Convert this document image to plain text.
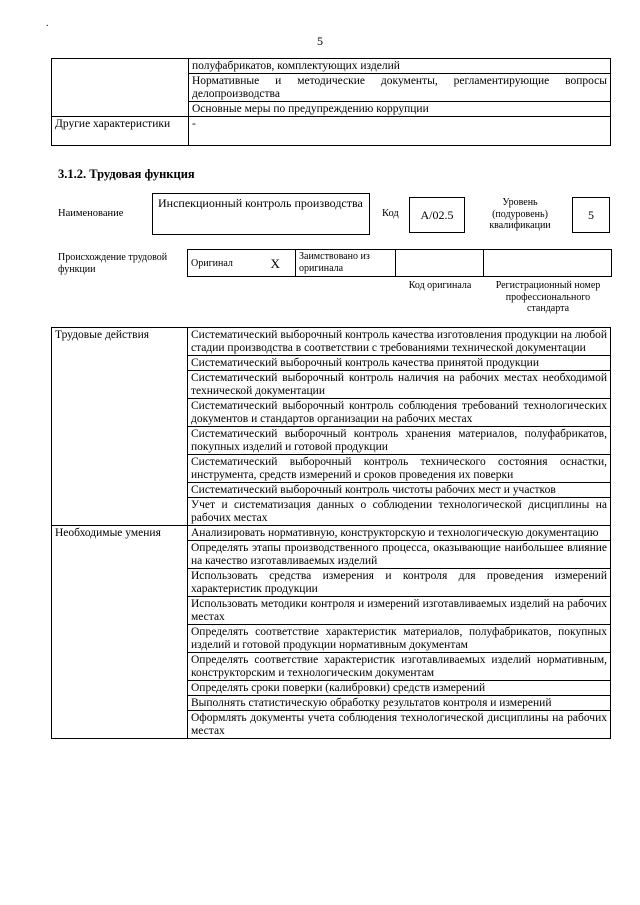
.
5
	полуфабрикатов, комплектующих изделий
	Нормативные и методические документы, регламентирующие вопросы делопроизводства
	Основные меры по предупреждению коррупции
Другие характеристики	-
3.1.2. Трудовая функция
Наименование
Инспекционный контроль производства
Код	A/02.5
Уровень (подуровень) квалификации
5
Происхождение трудовой функции
Оригинал	X	Заимствовано из оригинала		
Код оригинала	Регистрационный номер профессионального стандарта
Трудовые действия	Систематический выборочный контроль качества изготовления продукции на любой стадии производства в соответствии с требованиями технической документации
	Систематический выборочный контроль качества принятой продукции
	Систематический выборочный контроль наличия на рабочих местах необходимой технической документации
	Систематический выборочный контроль соблюдения требований технологических документов и стандартов организации на рабочих местах
	Систематический выборочный контроль хранения материалов, полуфабрикатов, покупных изделий и готовой продукции
	Систематический выборочный контроль технического состояния оснастки, инструмента, средств измерений и сроков проведения их поверки
	Систематический выборочный контроль чистоты рабочих мест и участков
	Учет и систематизация данных о соблюдении технологической дисциплины на рабочих местах
Необходимые умения	Анализировать нормативную, конструкторскую и технологическую документацию
	Определять этапы производственного процесса, оказывающие наибольшее влияние на качество изготавливаемых изделий
	Использовать средства измерения и контроля для проведения измерений характеристик продукции
	Использовать методики контроля и измерений изготавливаемых изделий на рабочих местах
	Определять соответствие характеристик материалов, полуфабрикатов, покупных изделий и готовой продукции нормативным документам
	Определять соответствие характеристик изготавливаемых изделий нормативным, конструкторским и технологическим документам
	Определять сроки поверки (калибровки) средств измерений
	Выполнять статистическую обработку результатов контроля и измерений
	Оформлять документы учета соблюдения технологической дисциплины на рабочих местах
